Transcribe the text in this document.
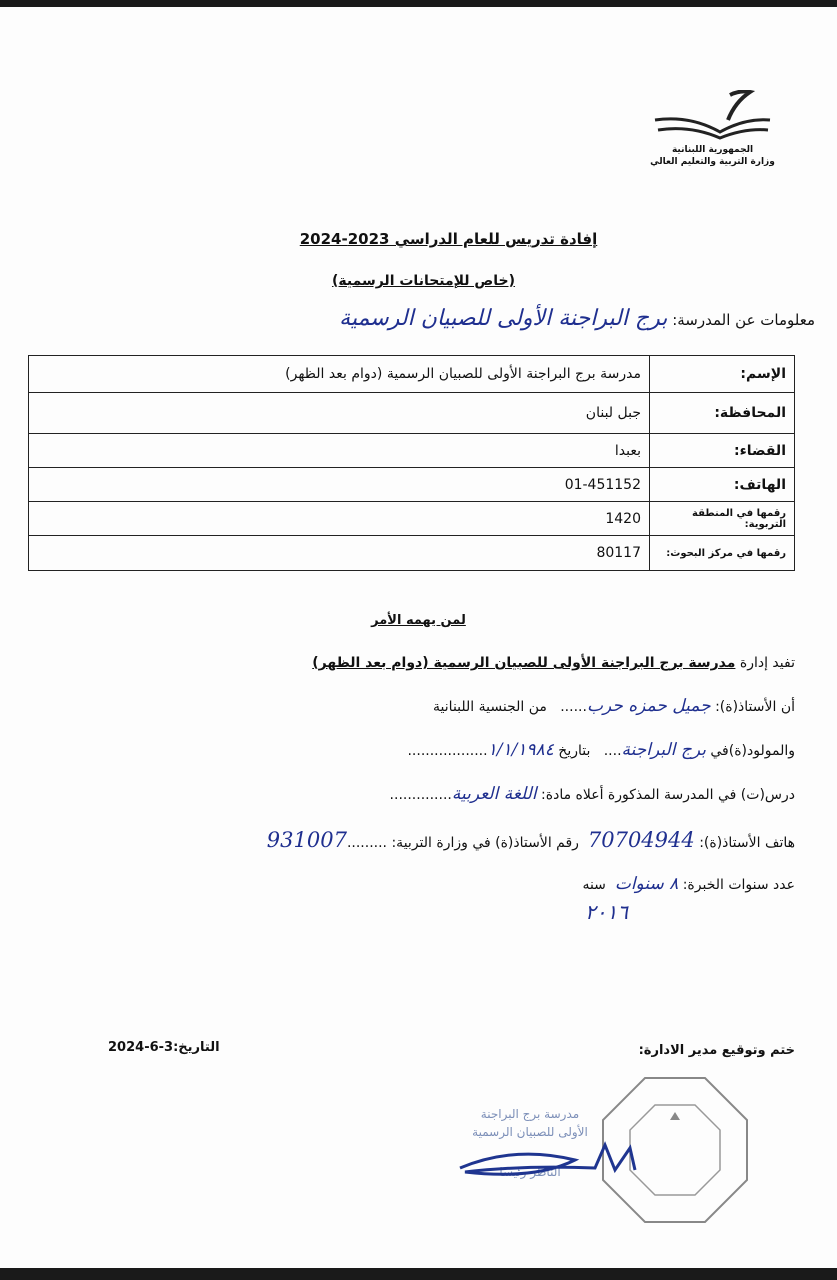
الجمهورية اللبنانية
وزارة التربية والتعليم العالي
إفادة تدريس للعام الدراسي 2023-2024
(خاص للإمتحانات الرسمية)
معلومات عن المدرسة: برج البراجنة الأولى للصبيان الرسمية
الإسم:	مدرسة برج البراجنة الأولى للصبيان الرسمية (دوام بعد الظهر)
المحافظة:	جبل لبنان
القضاء:	بعبدا
الهاتف:	01-451152
رقمها في المنطقة التربوية:	1420
رقمها في مركز البحوث:	80117
لمن يهمه الأمر
تفيد إدارة مدرسة برج البراجنة الأولى للصبيان الرسمية (دوام بعد الظهر)
أن الأستاذ(ة): جميل حمزه حرب......   من الجنسية اللبنانية
والمولود(ة)في برج البراجنة....   بتاريخ ١/١/١٩٨٤..................
درس(ت) في المدرسة المذكورة أعلاه مادة: اللغة العربية..............
هاتف الأستاذ(ة): 70704944  رقم الأستاذ(ة) في وزارة التربية: .........931007
عدد سنوات الخبرة: ٨ سنوات  سنه
٢٠١٦
ختم وتوقيع مدير الادارة:
التاريخ:3-6-2024
مدرسة برج البراجنة
الأولى للصبيان الرسمية
الناظر رئيسا
